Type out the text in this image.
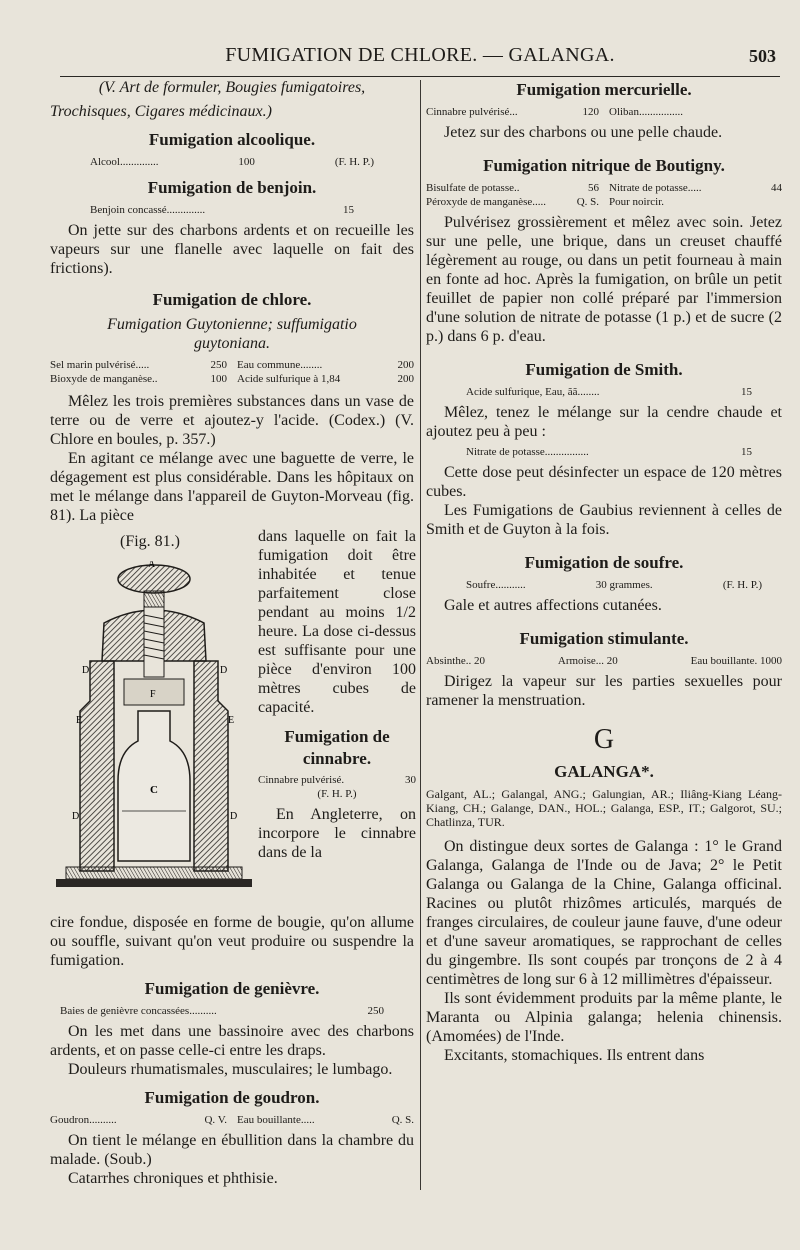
FUMIGATION DE CHLORE. — GALANGA.	503

(V. Art de formuler, Bougies fumigatoires,

Trochisques, Cigares médicinaux.)

Fumigation alcoolique.
Alcool..............	100	(F. H. P.)
Fumigation de benjoin.
Benjoin concassé..............	15

On jette sur des charbons ardents et on recueille les vapeurs sur une flanelle avec laquelle on fait des frictions).

Fumigation de chlore.

Fumigation Guytonienne; suffumigatio

guytoniana.

Sel marin pulvérisé.....	250 Eau commune........	200
Bioxyde de manganèse..	100 Acide sulfurique à 1,84	200

Mêlez les trois premières substances dans un vase de terre ou de verre et ajoutez-y l'acide. (Codex.) (V. Chlore en boules, p. 357.)

En agitant ce mélange avec une baguette de verre, le dégagement est plus considérable. Dans les hôpitaux on met le mélange dans l'appareil de Guyton-Morveau (fig. 81). La pièce

(Fig. 81.)
A
D	D
E	E
F
C
D	D

dans laquelle on fait la fumigation doit être inhabitée et tenue parfaitement close pendant au moins 1/2 heure. La dose ci-dessus est suffisante pour une pièce d'environ 100 mètres cubes de capacité.

Fumigation de
cinnabre.
Cinnabre pulvérisé.	30
(F. H. P.)

En Angleterre, on incorpore le cinnabre dans de la

cire fondue, disposée en forme de bougie, qu'on allume ou souffle, suivant qu'on veut produire ou suspendre la fumigation.

Fumigation de genièvre.
Baies de genièvre concassées..........	250

On les met dans une bassinoire avec des charbons ardents, et on passe celle-ci entre les draps.

Douleurs rhumatismales, musculaires; le lumbago.

Fumigation de goudron.
Goudron..........	Q. V. Eau bouillante.....	Q. S.

On tient le mélange en ébullition dans la chambre du malade. (Soub.)

Catarrhes chroniques et phthisie.

Fumigation mercurielle.
Cinnabre pulvérisé...	120 Oliban................

Jetez sur des charbons ou une pelle chaude.

Fumigation nitrique de Boutigny.
Bisulfate de potasse..	56 Nitrate de potasse.....	44
Péroxyde de manganèse.....	Q. S. Pour noircir.

Pulvérisez grossièrement et mêlez avec soin. Jetez sur une pelle, une brique, dans un creuset chauffé légèrement au rouge, ou dans un petit fourneau à main en fonte ad hoc. Après la fumigation, on brûle un petit feuillet de papier non collé préparé par l'immersion d'une solution de nitrate de potasse (1 p.) et de sucre (2 p.) dans 6 p. d'eau.

Fumigation de Smith.
Acide sulfurique, Eau, ãã........	15

Mêlez, tenez le mélange sur la cendre chaude et ajoutez peu à peu :

Nitrate de potasse................	15

Cette dose peut désinfecter un espace de 120 mètres cubes.

Les Fumigations de Gaubius reviennent à celles de Smith et de Guyton à la fois.

Fumigation de soufre.
Soufre...........	30 grammes.	(F. H. P.)

Gale et autres affections cutanées.

Fumigation stimulante.
Absinthe.. 20	Armoise... 20	Eau bouillante. 1000

Dirigez la vapeur sur les parties sexuelles pour ramener la menstruation.

G
GALANGA*.

Galgant, AL.; Galangal, ANG.; Galungian, AR.; Iliâng-Kiang Léang-Kiang, CH.; Galange, DAN., HOL.; Galanga, ESP., IT.; Galgorot, SU.; Chatlinza, TUR.

On distingue deux sortes de Galanga : 1° le Grand Galanga, Galanga de l'Inde ou de Java; 2° le Petit Galanga ou Galanga de la Chine, Galanga officinal. Racines ou plutôt rhizômes articulés, marqués de franges circulaires, de couleur jaune fauve, d'une odeur et d'une saveur aromatiques, se rapprochant de celles du gingembre. Ils sont coupés par tronçons de 2 à 4 centimètres de long sur 6 à 12 millimètres d'épaisseur.

Ils sont évidemment produits par la même plante, le Maranta ou Alpinia galanga; helenia chinensis. (Amomées) de l'Inde.

Excitants, stomachiques. Ils entrent dans
